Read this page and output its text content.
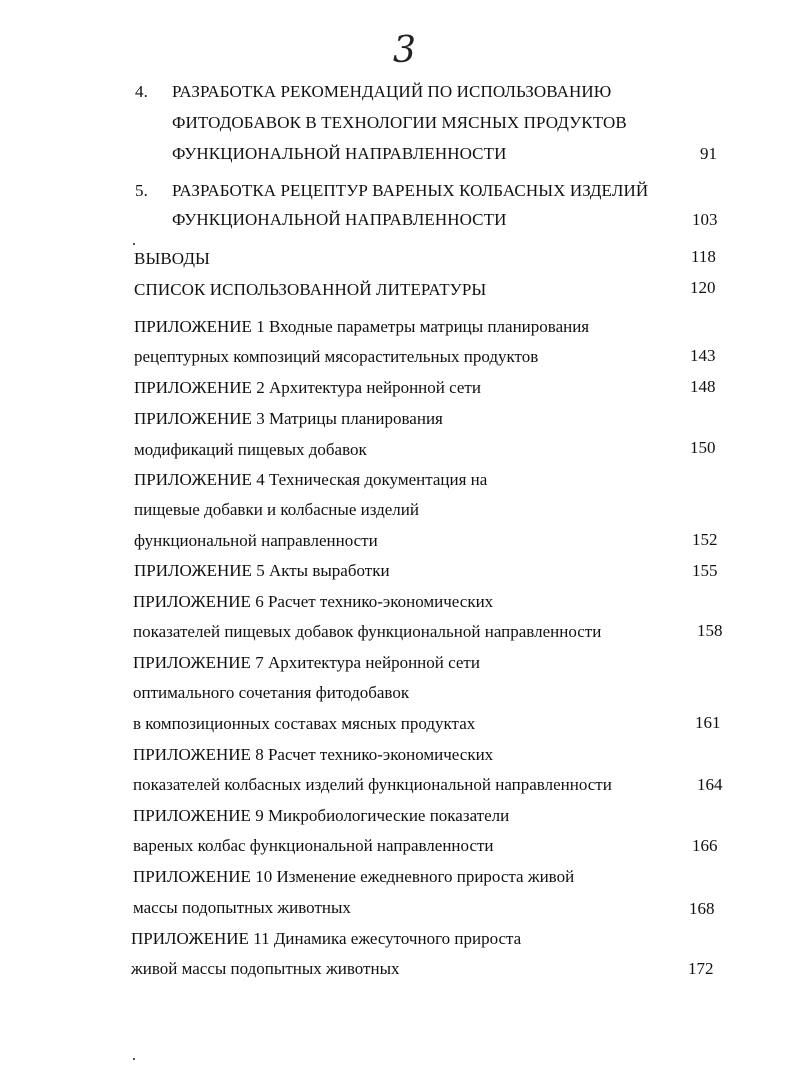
3
4. РАЗРАБОТКА РЕКОМЕНДАЦИЙ ПО ИСПОЛЬЗОВАНИЮ
ФИТОДОБАВОК В ТЕХНОЛОГИИ МЯСНЫХ ПРОДУКТОВ
ФУНКЦИОНАЛЬНОЙ НАПРАВЛЕННОСТИ	91
5. РАЗРАБОТКА РЕЦЕПТУР ВАРЕНЫХ КОЛБАСНЫХ ИЗДЕЛИЙ
ФУНКЦИОНАЛЬНОЙ НАПРАВЛЕННОСТИ	103
ВЫВОДЫ	118
СПИСОК ИСПОЛЬЗОВАННОЙ ЛИТЕРАТУРЫ	120
ПРИЛОЖЕНИЕ 1 Входные параметры матрицы планирования
рецептурных композиций мясорастительных продуктов	143
ПРИЛОЖЕНИЕ 2 Архитектура нейронной сети	148
ПРИЛОЖЕНИЕ 3 Матрицы планирования
модификаций пищевых добавок	150
ПРИЛОЖЕНИЕ 4 Техническая документация на
пищевые добавки и колбасные изделий
функциональной направленности	152
ПРИЛОЖЕНИЕ 5 Акты выработки	155
ПРИЛОЖЕНИЕ 6 Расчет технико-экономических
показателей пищевых добавок функциональной направленности	158
ПРИЛОЖЕНИЕ 7 Архитектура нейронной сети
оптимального сочетания фитодобавок
в композиционных составах мясных продуктах	161
ПРИЛОЖЕНИЕ 8 Расчет технико-экономических
показателей колбасных изделий функциональной направленности	164
ПРИЛОЖЕНИЕ 9 Микробиологические показатели
вареных колбас функциональной направленности	166
ПРИЛОЖЕНИЕ 10 Изменение ежедневного прироста живой
массы подопытных животных	168
ПРИЛОЖЕНИЕ 11 Динамика ежесуточного прироста
живой массы подопытных животных	172
